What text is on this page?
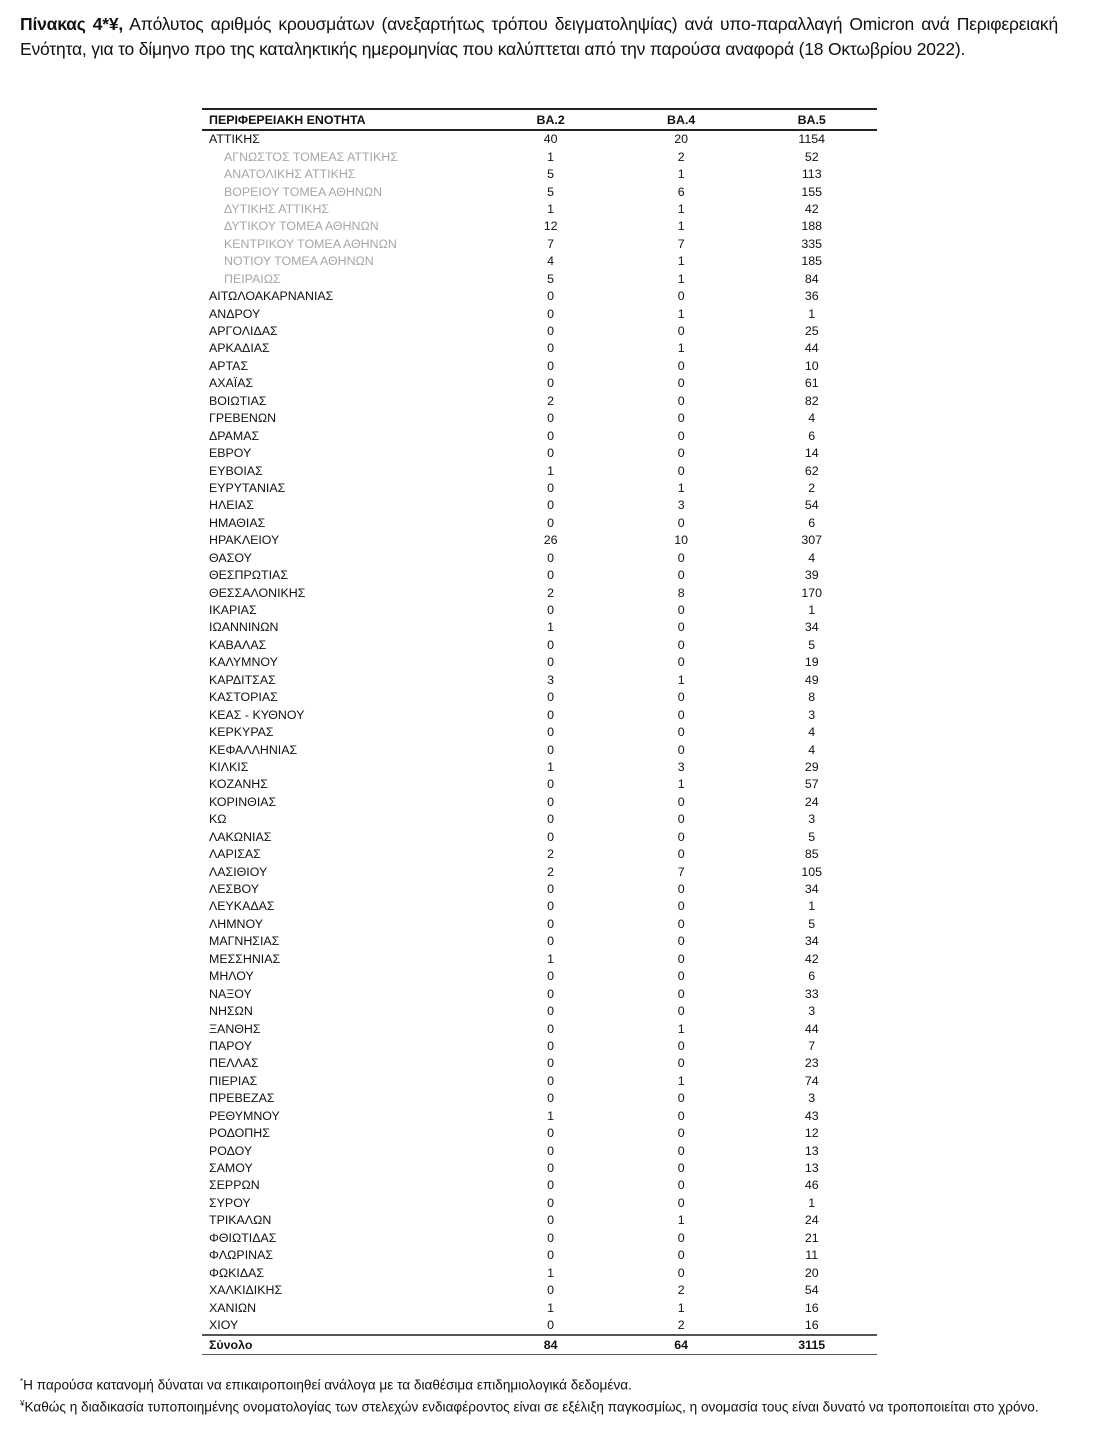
Πίνακας 4*¥, Απόλυτος αριθμός κρουσμάτων (ανεξαρτήτως τρόπου δειγματοληψίας) ανά υπο-παραλλαγή Omicron ανά Περιφερειακή Ενότητα, για το δίμηνο προ της καταληκτικής ημερομηνίας που καλύπτεται από την παρούσα αναφορά (18 Οκτωβρίου 2022).
ΠΕΡΙΦΕΡΕΙΑΚΗ ΕΝΟΤΗΤΑ	BA.2	BA.4	BA.5
ΑΤΤΙΚΗΣ	40	20	1154
ΑΓΝΩΣΤΟΣ ΤΟΜΕΑΣ ΑΤΤΙΚΗΣ	1	2	52
ΑΝΑΤΟΛΙΚΗΣ ΑΤΤΙΚΗΣ	5	1	113
ΒΟΡΕΙΟΥ ΤΟΜΕΑ ΑΘΗΝΩΝ	5	6	155
ΔΥΤΙΚΗΣ ΑΤΤΙΚΗΣ	1	1	42
ΔΥΤΙΚΟΥ ΤΟΜΕΑ ΑΘΗΝΩΝ	12	1	188
ΚΕΝΤΡΙΚΟΥ ΤΟΜΕΑ ΑΘΗΝΩΝ	7	7	335
ΝΟΤΙΟΥ ΤΟΜΕΑ ΑΘΗΝΩΝ	4	1	185
ΠΕΙΡΑΙΩΣ	5	1	84
ΑΙΤΩΛΟΑΚΑΡΝΑΝΙΑΣ	0	0	36
ΑΝΔΡΟΥ	0	1	1
ΑΡΓΟΛΙΔΑΣ	0	0	25
ΑΡΚΑΔΙΑΣ	0	1	44
ΑΡΤΑΣ	0	0	10
ΑΧΑΪΑΣ	0	0	61
ΒΟΙΩΤΙΑΣ	2	0	82
ΓΡΕΒΕΝΩΝ	0	0	4
ΔΡΑΜΑΣ	0	0	6
ΕΒΡΟΥ	0	0	14
ΕΥΒΟΙΑΣ	1	0	62
ΕΥΡΥΤΑΝΙΑΣ	0	1	2
ΗΛΕΙΑΣ	0	3	54
ΗΜΑΘΙΑΣ	0	0	6
ΗΡΑΚΛΕΙΟΥ	26	10	307
ΘΑΣΟΥ	0	0	4
ΘΕΣΠΡΩΤΙΑΣ	0	0	39
ΘΕΣΣΑΛΟΝΙΚΗΣ	2	8	170
ΙΚΑΡΙΑΣ	0	0	1
ΙΩΑΝΝΙΝΩΝ	1	0	34
ΚΑΒΑΛΑΣ	0	0	5
ΚΑΛΥΜΝΟΥ	0	0	19
ΚΑΡΔΙΤΣΑΣ	3	1	49
ΚΑΣΤΟΡΙΑΣ	0	0	8
ΚΕΑΣ - ΚΥΘΝΟΥ	0	0	3
ΚΕΡΚΥΡΑΣ	0	0	4
ΚΕΦΑΛΛΗΝΙΑΣ	0	0	4
ΚΙΛΚΙΣ	1	3	29
ΚΟΖΑΝΗΣ	0	1	57
ΚΟΡΙΝΘΙΑΣ	0	0	24
ΚΩ	0	0	3
ΛΑΚΩΝΙΑΣ	0	0	5
ΛΑΡΙΣΑΣ	2	0	85
ΛΑΣΙΘΙΟΥ	2	7	105
ΛΕΣΒΟΥ	0	0	34
ΛΕΥΚΑΔΑΣ	0	0	1
ΛΗΜΝΟΥ	0	0	5
ΜΑΓΝΗΣΙΑΣ	0	0	34
ΜΕΣΣΗΝΙΑΣ	1	0	42
ΜΗΛΟΥ	0	0	6
ΝΑΞΟΥ	0	0	33
ΝΗΣΩΝ	0	0	3
ΞΑΝΘΗΣ	0	1	44
ΠΑΡΟΥ	0	0	7
ΠΕΛΛΑΣ	0	0	23
ΠΙΕΡΙΑΣ	0	1	74
ΠΡΕΒΕΖΑΣ	0	0	3
ΡΕΘΥΜΝΟΥ	1	0	43
ΡΟΔΟΠΗΣ	0	0	12
ΡΟΔΟΥ	0	0	13
ΣΑΜΟΥ	0	0	13
ΣΕΡΡΩΝ	0	0	46
ΣΥΡΟΥ	0	0	1
ΤΡΙΚΑΛΩΝ	0	1	24
ΦΘΙΩΤΙΔΑΣ	0	0	21
ΦΛΩΡΙΝΑΣ	0	0	11
ΦΩΚΙΔΑΣ	1	0	20
ΧΑΛΚΙΔΙΚΗΣ	0	2	54
ΧΑΝΙΩΝ	1	1	16
ΧΙΟΥ	0	2	16
Σύνολο	84	64	3115

*Η παρούσα κατανομή δύναται να επικαιροποιηθεί ανάλογα με τα διαθέσιμα επιδημιολογικά δεδομένα.

¥Καθώς η διαδικασία τυποποιημένης ονοματολογίας των στελεχών ενδιαφέροντος είναι σε εξέλιξη παγκοσμίως, η ονομασία τους είναι δυνατό να τροποποιείται στο χρόνο.
